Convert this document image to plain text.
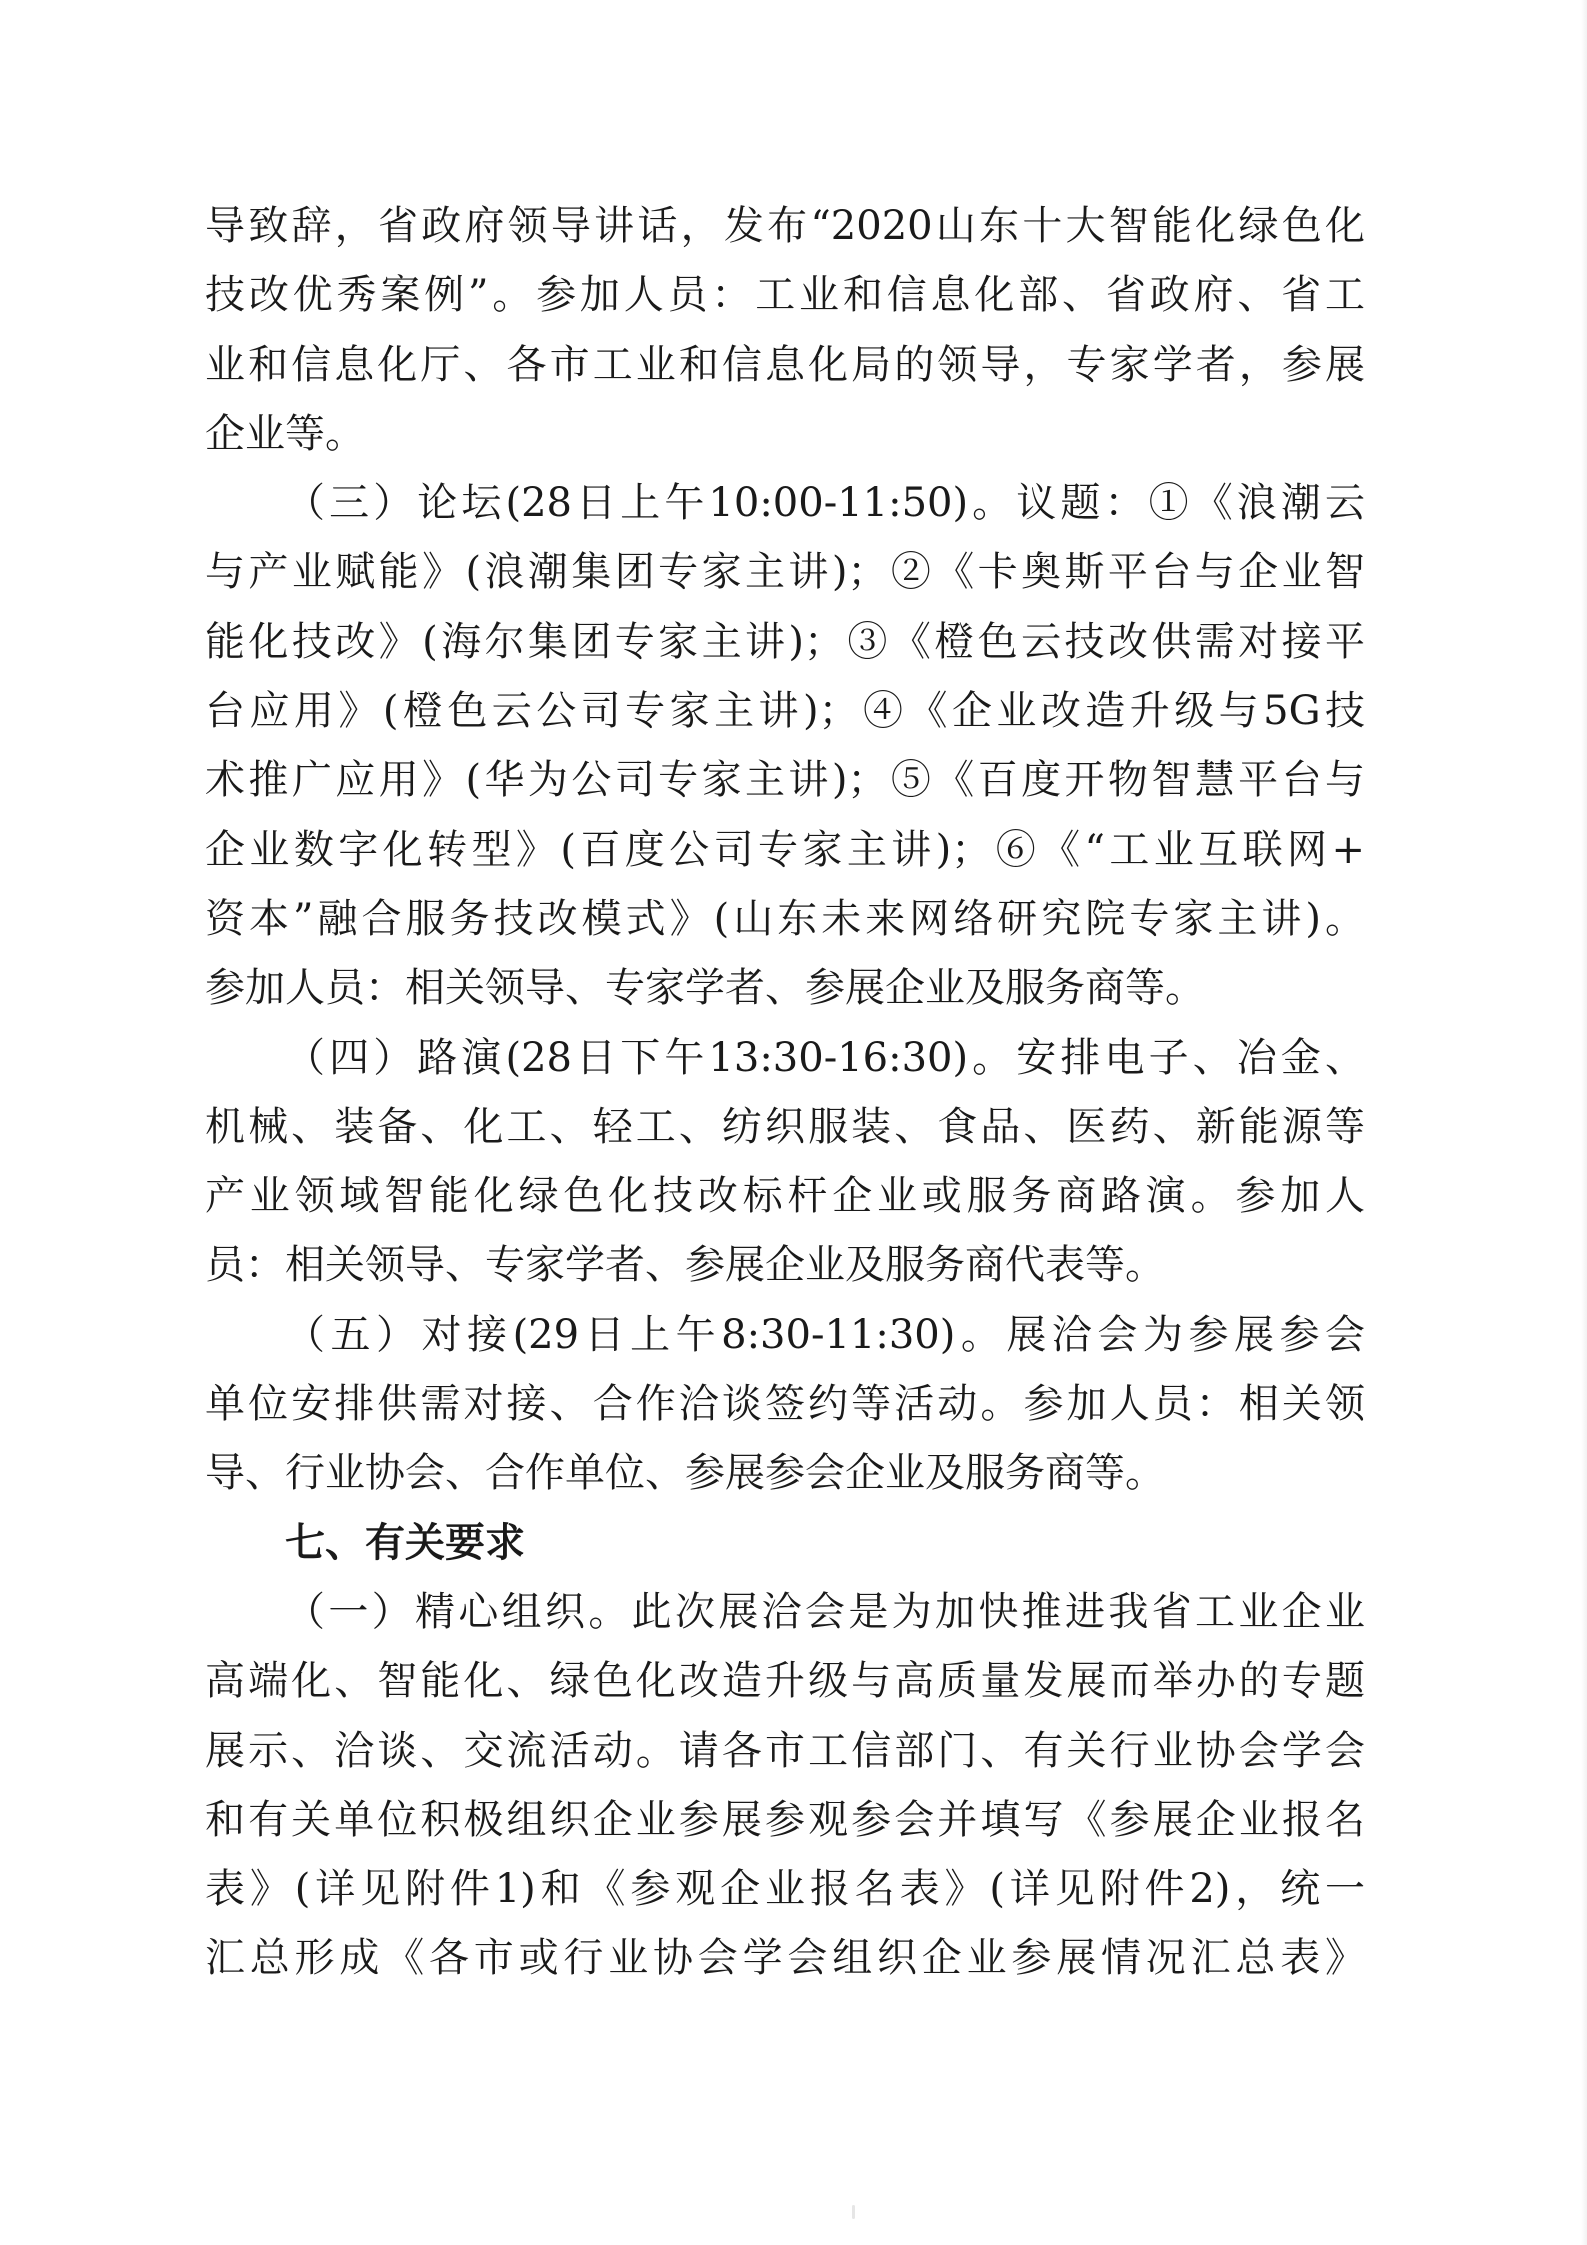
导致辞，省政府领导讲话，发布“2020山东十大智能化绿色化
技改优秀案例”。参加人员：工业和信息化部、省政府、省工
业和信息化厅、各市工业和信息化局的领导，专家学者，参展
企业等。
（三）论坛(28日上午10:00-11:50)。议题：①《浪潮云
与产业赋能》(浪潮集团专家主讲)；②《卡奥斯平台与企业智
能化技改》(海尔集团专家主讲)；③《橙色云技改供需对接平
台应用》(橙色云公司专家主讲)；④《企业改造升级与5G技
术推广应用》(华为公司专家主讲)；⑤《百度开物智慧平台与
企业数字化转型》(百度公司专家主讲)；⑥《“工业互联网+
资本”融合服务技改模式》(山东未来网络研究院专家主讲)。
参加人员：相关领导、专家学者、参展企业及服务商等。
（四）路演(28日下午13:30-16:30)。安排电子、冶金、
机械、装备、化工、轻工、纺织服装、食品、医药、新能源等
产业领域智能化绿色化技改标杆企业或服务商路演。参加人
员：相关领导、专家学者、参展企业及服务商代表等。
（五）对接(29日上午8:30-11:30)。展洽会为参展参会
单位安排供需对接、合作洽谈签约等活动。参加人员：相关领
导、行业协会、合作单位、参展参会企业及服务商等。
七、有关要求
（一）精心组织。此次展洽会是为加快推进我省工业企业
高端化、智能化、绿色化改造升级与高质量发展而举办的专题
展示、洽谈、交流活动。请各市工信部门、有关行业协会学会
和有关单位积极组织企业参展参观参会并填写《参展企业报名
表》(详见附件1)和《参观企业报名表》(详见附件2)，统一
汇总形成《各市或行业协会学会组织企业参展情况汇总表》
